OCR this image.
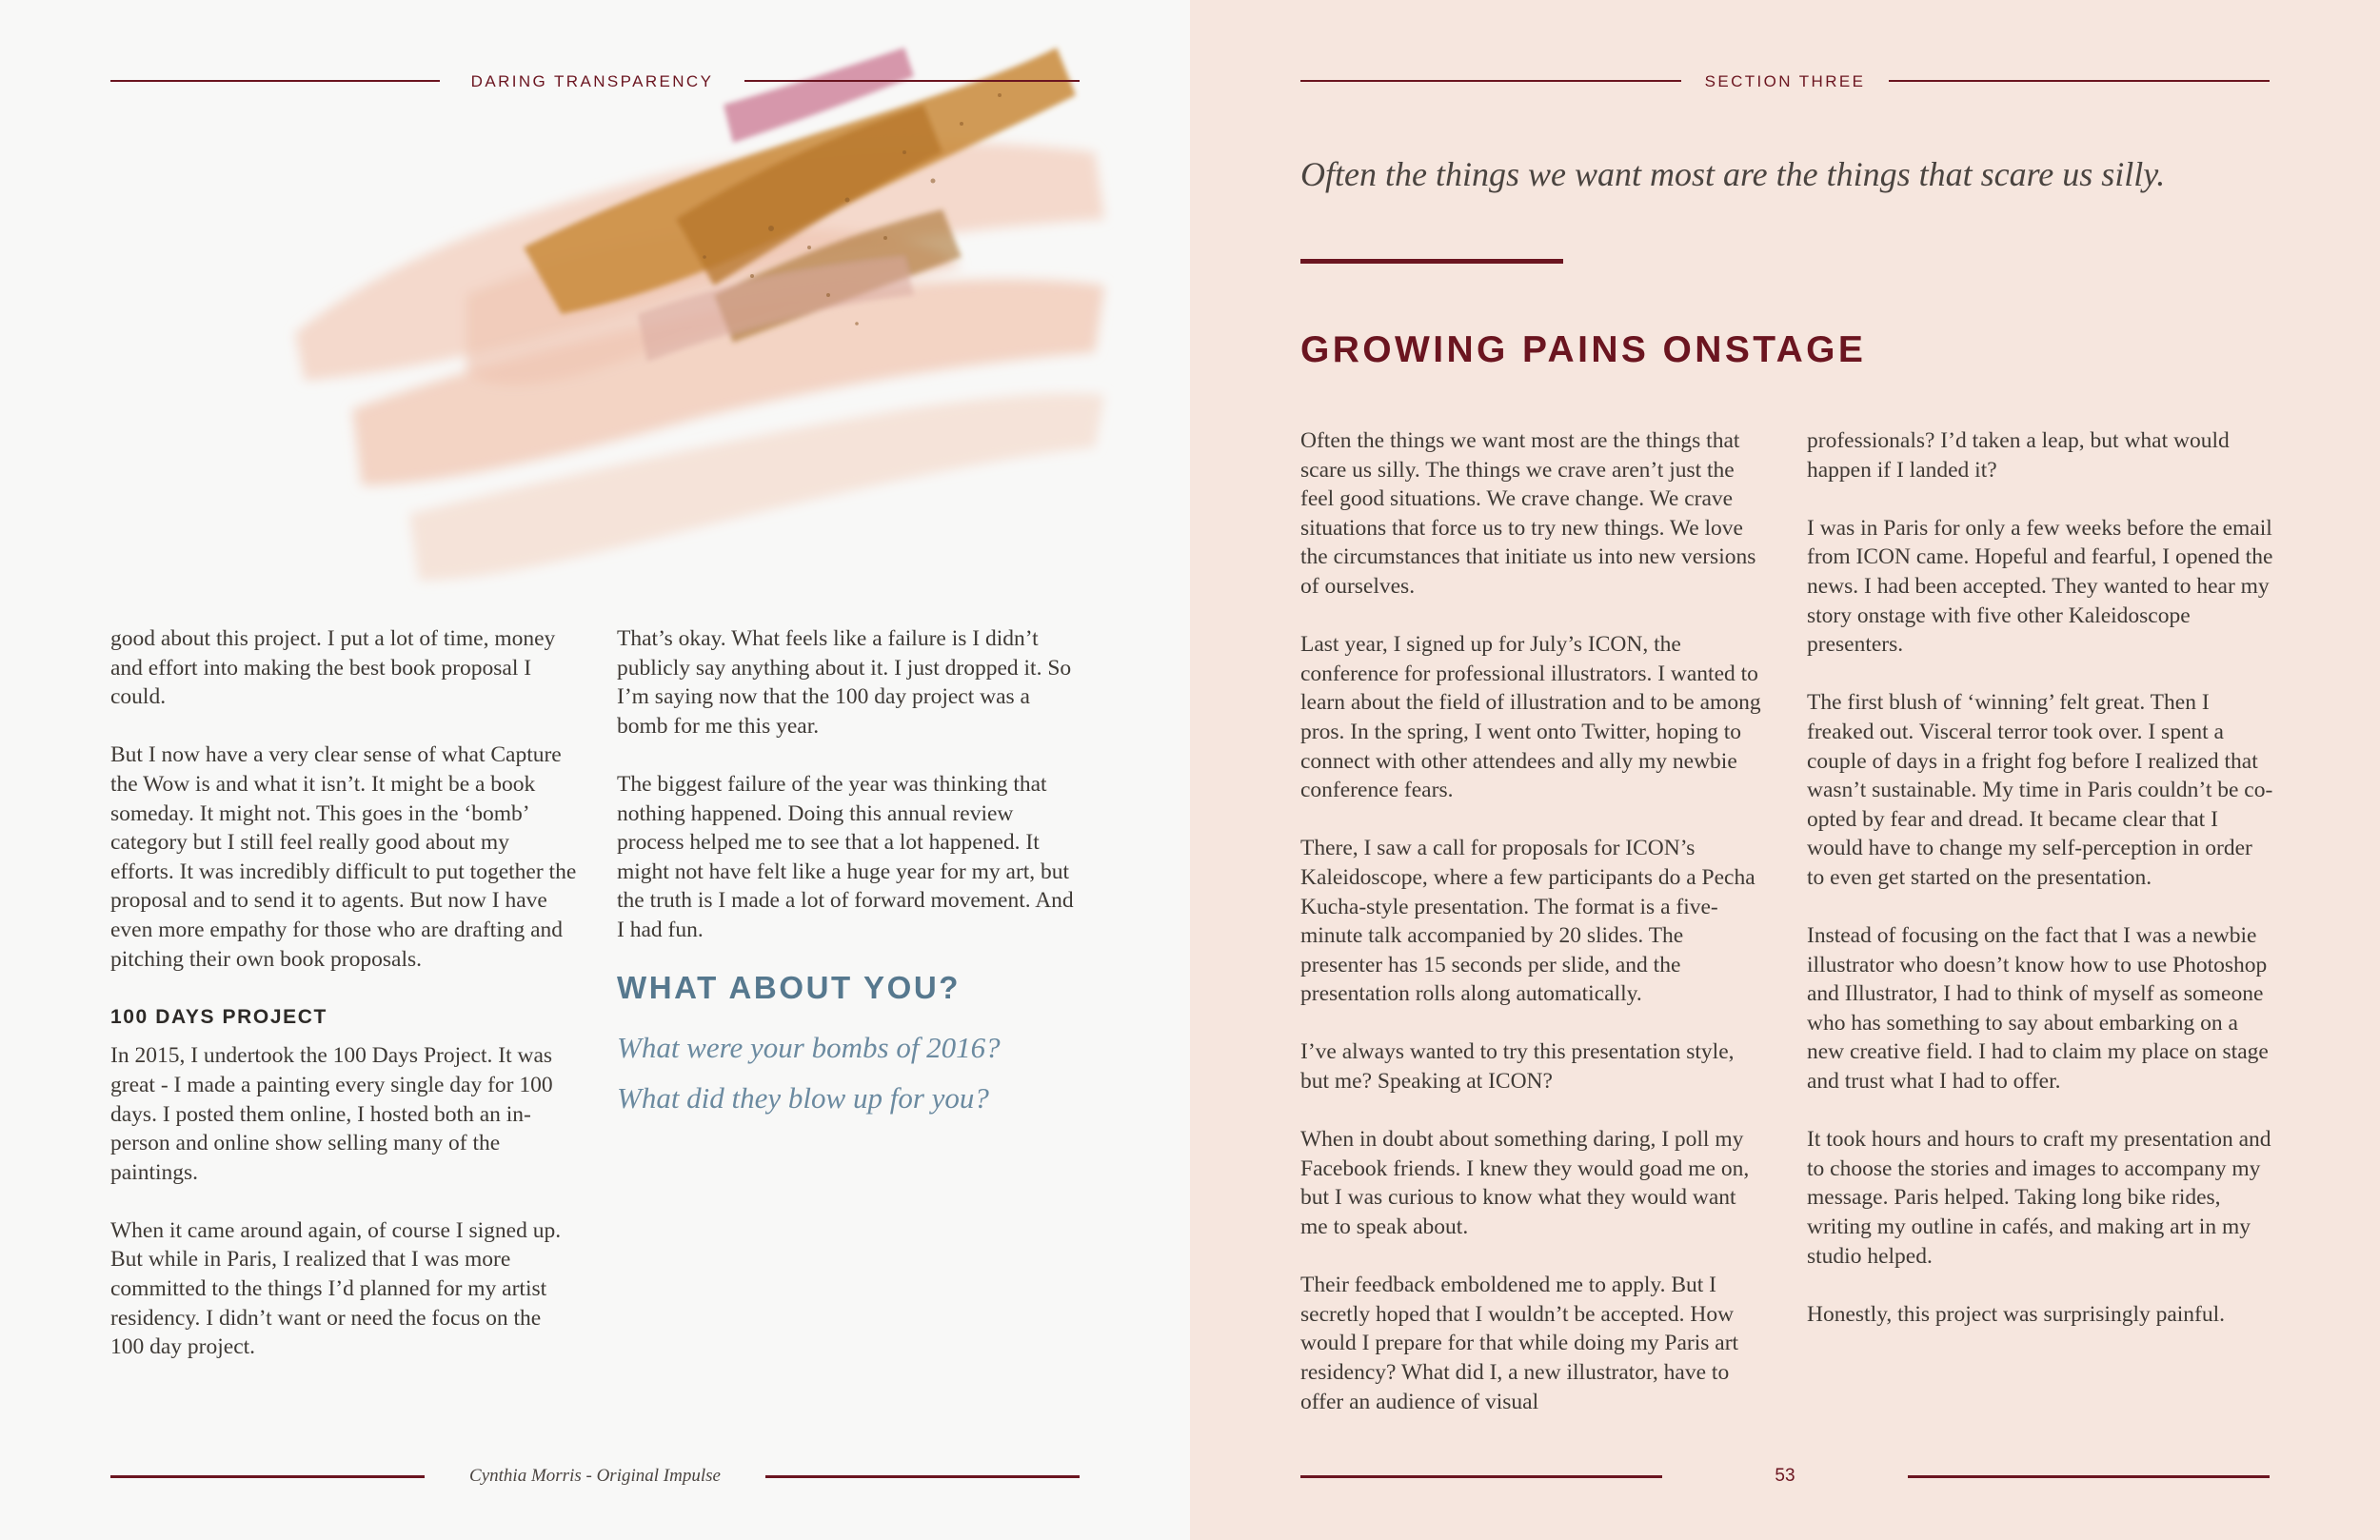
DARING TRANSPARENCY

good about this project. I put a lot of time, money and effort into making the best book proposal I could.

But I now have a very clear sense of what Capture the Wow is and what it isn’t. It might be a book someday. It might not. This goes in the ‘bomb’ category but I still feel really good about my efforts. It was incredibly difficult to put together the proposal and to send it to agents. But now I have even more empathy for those who are drafting and pitching their own book proposals.

100 DAYS PROJECT

In 2015, I undertook the 100 Days Project. It was great - I made a painting every single day for 100 days. I posted them online, I hosted both an in-person and online show selling many of the paintings.

When it came around again, of course I signed up. But while in Paris, I realized that I was more committed to the things I’d planned for my artist residency. I didn’t want or need the focus on the 100 day project.

That’s okay. What feels like a failure is I didn’t publicly say anything about it. I just dropped it. So I’m saying now that the 100 day project was a bomb for me this year.

The biggest failure of the year was thinking that nothing happened. Doing this annual review process helped me to see that a lot happened. It might not have felt like a huge year for my art, but the truth is I made a lot of forward movement. And I had fun.

WHAT ABOUT YOU?
What were your bombs of 2016?
What did they blow up for you?
Cynthia Morris - Original Impulse
SECTION THREE
Often the things we want most are the things that scare us silly.
GROWING PAINS ONSTAGE

Often the things we want most are the things that scare us silly. The things we crave aren’t just the feel good situations. We crave change. We crave situations that force us to try new things. We love the circumstances that initiate us into new versions of ourselves.

Last year, I signed up for July’s ICON, the conference for professional illustrators. I wanted to learn about the field of illustration and to be among pros. In the spring, I went onto Twitter, hoping to connect with other attendees and ally my newbie conference fears.

There, I saw a call for proposals for ICON’s Kaleidoscope, where a few participants do a Pecha Kucha-style presentation. The format is a five-minute talk accompanied by 20 slides. The presenter has 15 seconds per slide, and the presentation rolls along automatically.

I’ve always wanted to try this presentation style, but me? Speaking at ICON?

When in doubt about something daring, I poll my Facebook friends. I knew they would goad me on, but I was curious to know what they would want me to speak about.

Their feedback emboldened me to apply. But I secretly hoped that I wouldn’t be accepted. How would I prepare for that while doing my Paris art residency? What did I, a new illustrator, have to offer an audience of visual

professionals? I’d taken a leap, but what would happen if I landed it?

I was in Paris for only a few weeks before the email from ICON came. Hopeful and fearful, I opened the news. I had been accepted. They wanted to hear my story onstage with five other Kaleidoscope presenters.

The first blush of ‘winning’ felt great. Then I freaked out. Visceral terror took over. I spent a couple of days in a fright fog before I realized that wasn’t sustainable. My time in Paris couldn’t be co-opted by fear and dread. It became clear that I would have to change my self-perception in order to even get started on the presentation.

Instead of focusing on the fact that I was a newbie illustrator who doesn’t know how to use Photoshop and Illustrator, I had to think of myself as someone who has something to say about embarking on a new creative field. I had to claim my place on stage and trust what I had to offer.

It took hours and hours to craft my presentation and to choose the stories and images to accompany my message. Paris helped. Taking long bike rides, writing my outline in cafés, and making art in my studio helped.

Honestly, this project was surprisingly painful.

53
